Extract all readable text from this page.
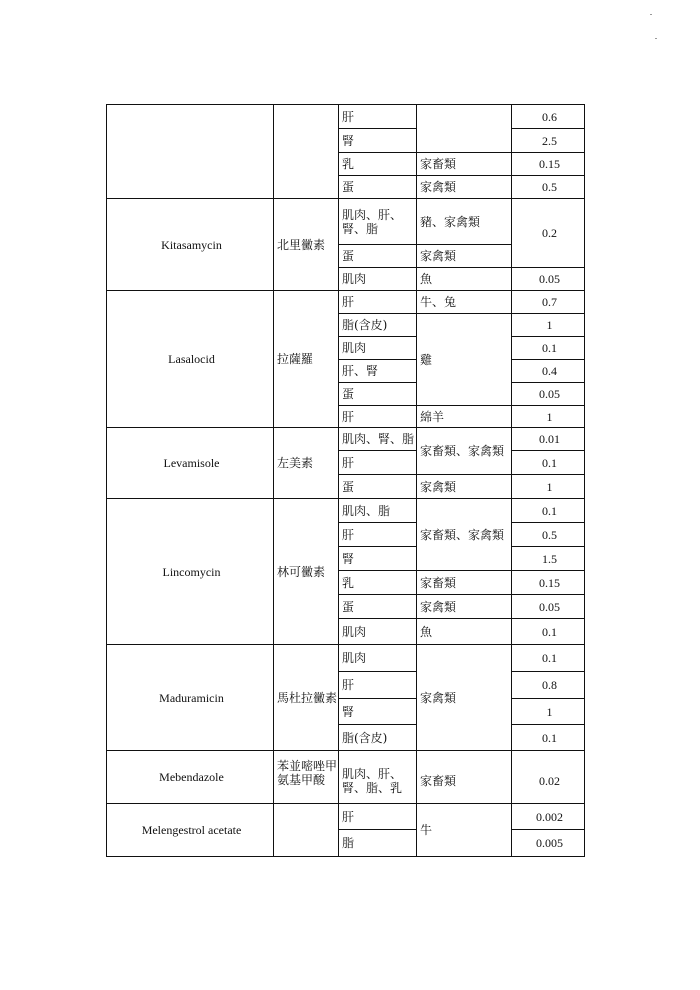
		肝		0.6
		腎		2.5
		乳	家畜類	0.15
		蛋	家禽類	0.5
Kitasamycin	北里黴素	肌肉、肝、腎、脂	豬、家禽類	0.2
		蛋	家禽類	
		肌肉	魚	0.05
Lasalocid	拉薩羅	肝	牛、兔	0.7
		脂(含皮)	雞	1
		肌肉		0.1
		肝、腎		0.4
		蛋		0.05
		肝	綿羊	1
Levamisole	左美素	肌肉、腎、脂	家畜類、家禽類	0.01
		肝		0.1
		蛋	家禽類	1
Lincomycin	林可黴素	肌肉、脂	家畜類、家禽類	0.1
		肝		0.5
		腎		1.5
		乳	家畜類	0.15
		蛋	家禽類	0.05
		肌肉	魚	0.1
Maduramicin	馬杜拉黴素	肌肉	家禽類	0.1
		肝		0.8
		腎		1
		脂(含皮)		0.1
Mebendazole	苯並嘧唑甲氨基甲酸	肌肉、肝、腎、脂、乳	家畜類	0.02
Melengestrol acetate		肝	牛	0.002
		脂		0.005
